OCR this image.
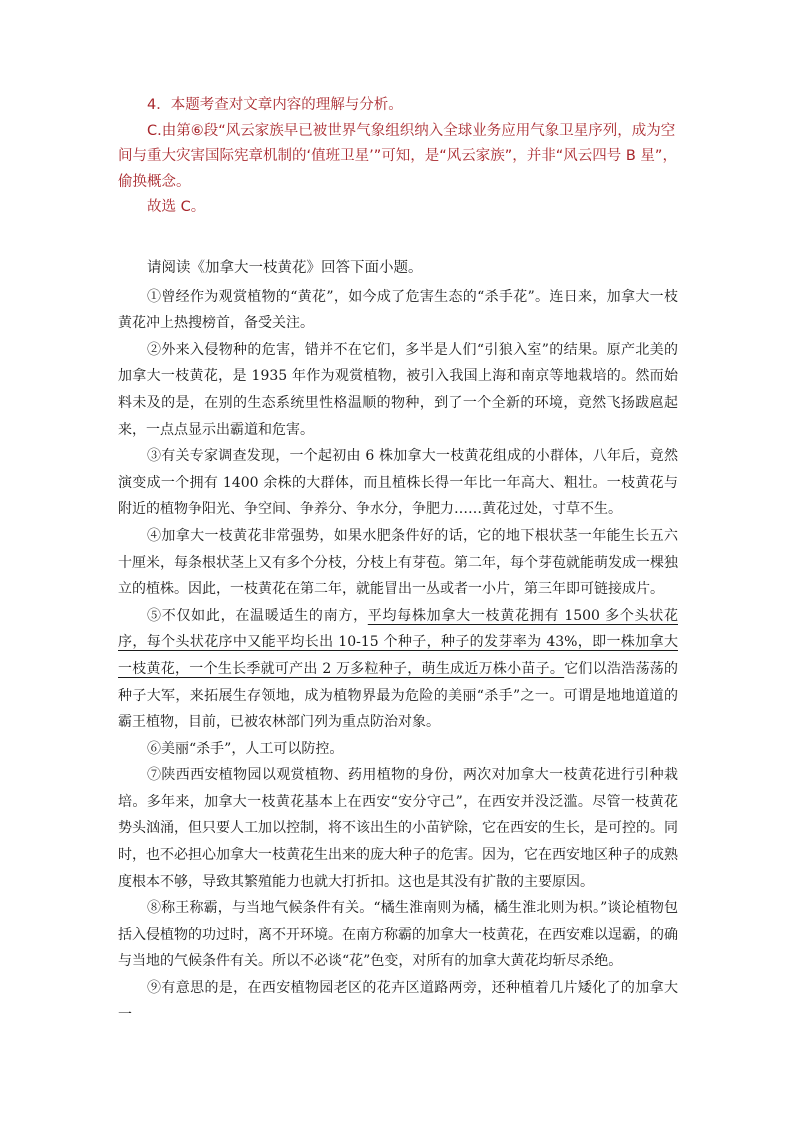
4．本题考查对文章内容的理解与分析。

C.由第⑥段“风云家族早已被世界气象组织纳入全球业务应用气象卫星序列，成为空间与重大灾害国际宪章机制的‘值班卫星’”可知，是“风云家族”，并非“风云四号 B 星”，偷换概念。

故选 C。

请阅读《加拿大一枝黄花》回答下面小题。

①曾经作为观赏植物的“黄花”，如今成了危害生态的“杀手花”。连日来，加拿大一枝黄花冲上热搜榜首，备受关注。

②外来入侵物种的危害，错并不在它们，多半是人们“引狼入室”的结果。原产北美的加拿大一枝黄花，是 1935 年作为观赏植物，被引入我国上海和南京等地栽培的。然而始料未及的是，在别的生态系统里性格温顺的物种，到了一个全新的环境，竟然飞扬跋扈起来，一点点显示出霸道和危害。

③有关专家调查发现，一个起初由 6 株加拿大一枝黄花组成的小群体，八年后，竟然演变成一个拥有 1400 余株的大群体，而且植株长得一年比一年高大、粗壮。一枝黄花与附近的植物争阳光、争空间、争养分、争水分，争肥力……黄花过处，寸草不生。

④加拿大一枝黄花非常强势，如果水肥条件好的话，它的地下根状茎一年能生长五六十厘米，每条根状茎上又有多个分枝，分枝上有芽苞。第二年，每个芽苞就能萌发成一棵独立的植株。因此，一枝黄花在第二年，就能冒出一丛或者一小片，第三年即可链接成片。

⑤不仅如此，在温暖适生的南方，平均每株加拿大一枝黄花拥有 1500 多个头状花序，每个头状花序中又能平均长出 10-15 个种子，种子的发芽率为 43%，即一株加拿大一枝黄花，一个生长季就可产出 2 万多粒种子，萌生成近万株小苗子。它们以浩浩荡荡的种子大军，来拓展生存领地，成为植物界最为危险的美丽“杀手”之一。可谓是地地道道的霸王植物，目前，已被农林部门列为重点防治对象。

⑥美丽“杀手”，人工可以防控。

⑦陕西西安植物园以观赏植物、药用植物的身份，两次对加拿大一枝黄花进行引种栽培。多年来，加拿大一枝黄花基本上在西安“安分守己”，在西安并没泛滥。尽管一枝黄花势头汹涌，但只要人工加以控制，将不该出生的小苗铲除，它在西安的生长，是可控的。同时，也不必担心加拿大一枝黄花生出来的庞大种子的危害。因为，它在西安地区种子的成熟度根本不够，导致其繁殖能力也就大打折扣。这也是其没有扩散的主要原因。

⑧称王称霸，与当地气候条件有关。“橘生淮南则为橘，橘生淮北则为枳。”谈论植物包括入侵植物的功过时，离不开环境。在南方称霸的加拿大一枝黄花，在西安难以逞霸，的确与当地的气候条件有关。所以不必谈“花”色变，对所有的加拿大黄花均斩尽杀绝。

⑨有意思的是，在西安植物园老区的花卉区道路两旁，还种植着几片矮化了的加拿大一
